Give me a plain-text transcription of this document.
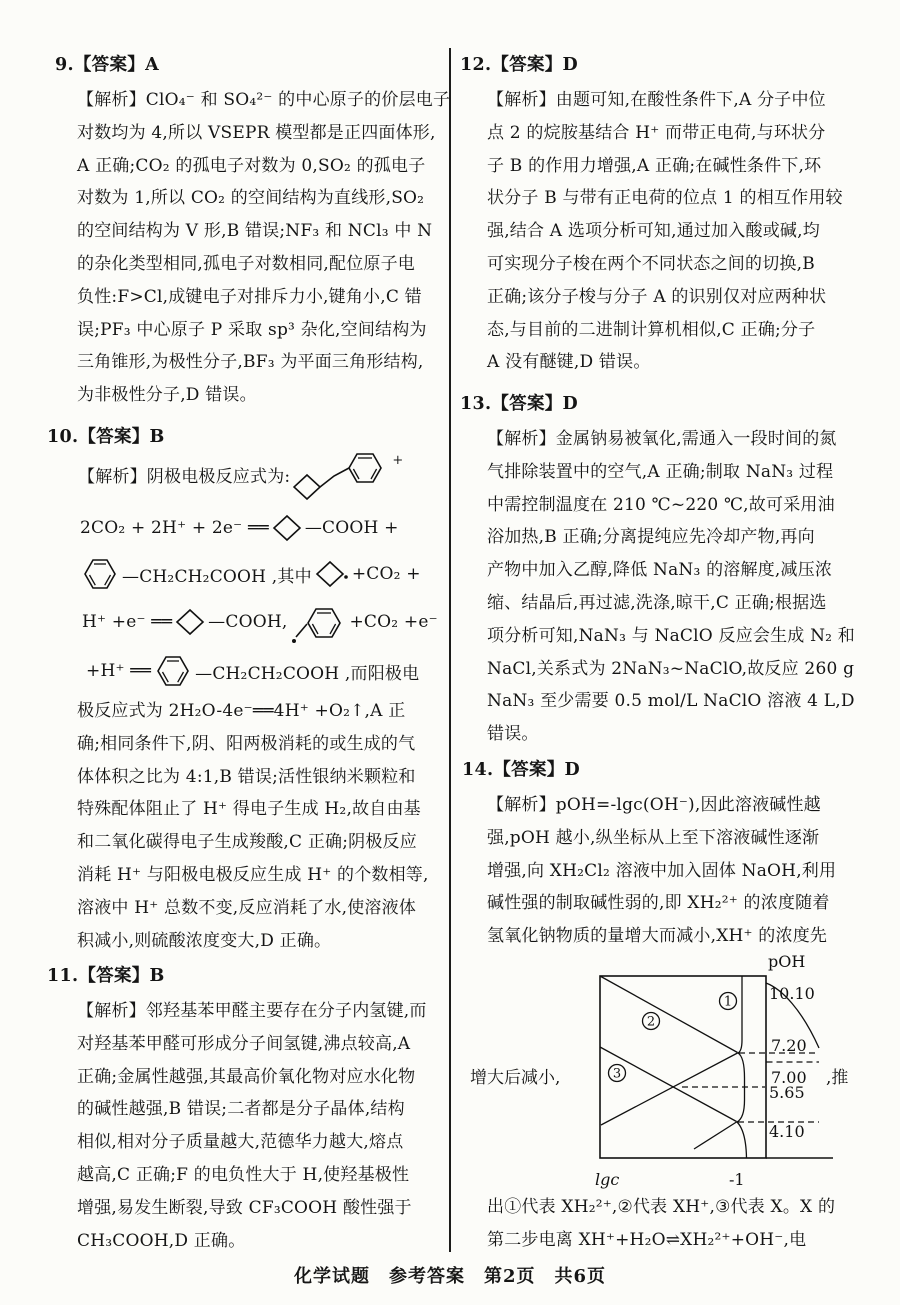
9.【答案】A
【解析】ClO₄⁻ 和 SO₄²⁻ 的中心原子的价层电子
对数均为 4,所以 VSEPR 模型都是正四面体形,
A 正确;CO₂ 的孤电子对数为 0,SO₂ 的孤电子
对数为 1,所以 CO₂ 的空间结构为直线形,SO₂
的空间结构为 V 形,B 错误;NF₃ 和 NCl₃ 中 N
的杂化类型相同,孤电子对数相同,配位原子电
负性:F>Cl,成键电子对排斥力小,键角小,C 错
误;PF₃ 中心原子 P 采取 sp³ 杂化,空间结构为
三角锥形,为极性分子,BF₃ 为平面三角形结构,
为非极性分子,D 错误。
10.【答案】B
【解析】阴极电极反应式为:
+
2CO₂ + 2H⁺ + 2e⁻ ══ —COOH +
—CH₂CH₂COOH ,其中 +CO₂ +
H⁺ +e⁻ ══ —COOH,	+CO₂ +e⁻
+H⁺ ══	—CH₂CH₂COOH ,而阳极电
极反应式为 2H₂O-4e⁻══4H⁺ +O₂↑,A 正
确;相同条件下,阴、阳两极消耗的或生成的气
体体积之比为 4:1,B 错误;活性银纳米颗粒和
特殊配体阻止了 H⁺ 得电子生成 H₂,故自由基
和二氧化碳得电子生成羧酸,C 正确;阴极反应
消耗 H⁺ 与阳极电极反应生成 H⁺ 的个数相等,
溶液中 H⁺ 总数不变,反应消耗了水,使溶液体
积减小,则硫酸浓度变大,D 正确。
11.【答案】B
【解析】邻羟基苯甲醛主要存在分子内氢键,而
对羟基苯甲醛可形成分子间氢键,沸点较高,A
正确;金属性越强,其最高价氧化物对应水化物
的碱性越强,B 错误;二者都是分子晶体,结构
相似,相对分子质量越大,范德华力越大,熔点
越高,C 正确;F 的电负性大于 H,使羟基极性
增强,易发生断裂,导致 CF₃COOH 酸性强于
CH₃COOH,D 正确。
12.【答案】D
【解析】由题可知,在酸性条件下,A 分子中位
点 2 的烷胺基结合 H⁺ 而带正电荷,与环状分
子 B 的作用力增强,A 正确;在碱性条件下,环
状分子 B 与带有正电荷的位点 1 的相互作用较
强,结合 A 选项分析可知,通过加入酸或碱,均
可实现分子梭在两个不同状态之间的切换,B
正确;该分子梭与分子 A 的识别仅对应两种状
态,与目前的二进制计算机相似,C 正确;分子
A 没有醚键,D 错误。
13.【答案】D
【解析】金属钠易被氧化,需通入一段时间的氮
气排除装置中的空气,A 正确;制取 NaN₃ 过程
中需控制温度在 210 ℃~220 ℃,故可采用油
浴加热,B 正确;分离提纯应先冷却产物,再向
产物中加入乙醇,降低 NaN₃ 的溶解度,减压浓
缩、结晶后,再过滤,洗涤,晾干,C 正确;根据选
项分析可知,NaN₃ 与 NaClO 反应会生成 N₂ 和
NaCl,关系式为 2NaN₃~NaClO,故反应 260 g
NaN₃ 至少需要 0.5 mol/L NaClO 溶液 4 L,D
错误。
14.【答案】D
【解析】pOH=-lgc(OH⁻),因此溶液碱性越
强,pOH 越小,纵坐标从上至下溶液碱性逐渐
增强,向 XH₂Cl₂ 溶液中加入固体 NaOH,利用
碱性强的制取碱性弱的,即 XH₂²⁺ 的浓度随着
氢氧化钠物质的量增大而减小,XH⁺ 的浓度先
增大后减小,	,推
1
2
3
pOH
10.10
7.20
7.00
5.65
4.10
lgc	-1
出①代表 XH₂²⁺,②代表 XH⁺,③代表 X。X 的
第二步电离 XH⁺+H₂O⇌XH₂²⁺+OH⁻,电
化学试题　参考答案　第2页　共6页
